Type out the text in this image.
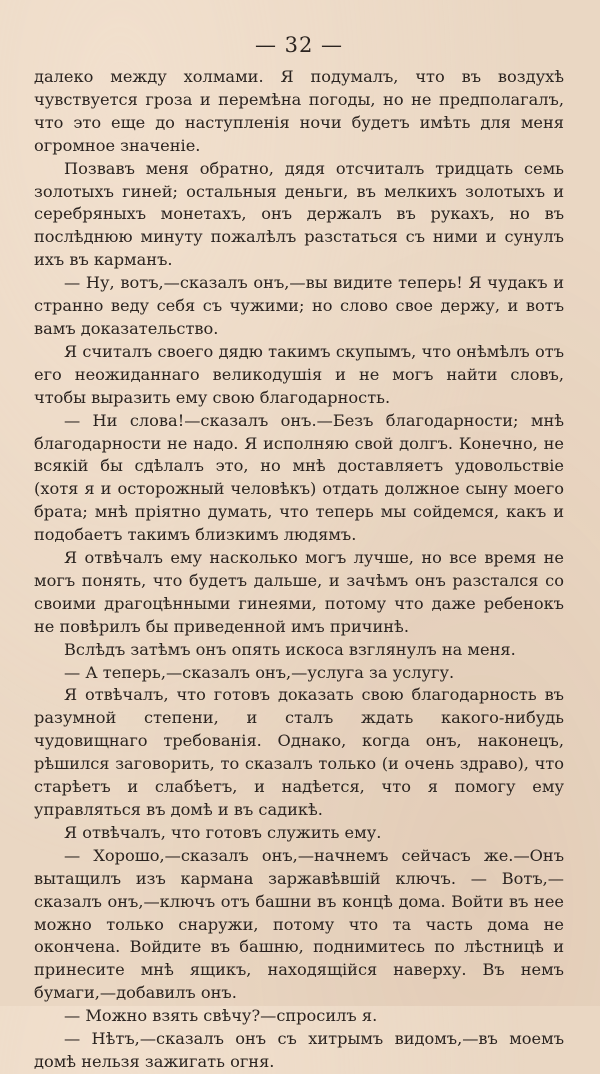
— 32 —

далеко между холмами. Я подумалъ, что въ воздухѣ чувствуется гроза и перемѣна погоды, но не предполагалъ, что это еще до наступленія ночи будетъ имѣть для меня огромное значеніе.

Позвавъ меня обратно, дядя отсчиталъ тридцать семь золотыхъ гиней; остальныя деньги, въ мелкихъ золотыхъ и серебряныхъ монетахъ, онъ держалъ въ рукахъ, но въ послѣднюю минуту пожалѣлъ разстаться съ ними и сунулъ ихъ въ карманъ.

— Ну, вотъ,—сказалъ онъ,—вы видите теперь! Я чудакъ и странно веду себя съ чужими; но слово свое держу, и вотъ вамъ доказательство.

Я считалъ своего дядю такимъ скупымъ, что онѣмѣлъ отъ его неожиданнаго великодушія и не могъ найти словъ, чтобы выразить ему свою благодарность.

— Ни слова!—сказалъ онъ.—Безъ благодарности; мнѣ благодарности не надо. Я исполняю свой долгъ. Конечно, не всякій бы сдѣлалъ это, но мнѣ доставляетъ удовольствіе (хотя я и осторожный человѣкъ) отдать должное сыну моего брата; мнѣ пріятно думать, что теперь мы сойдемся, какъ и подобаетъ такимъ близкимъ людямъ.

Я отвѣчалъ ему насколько могъ лучше, но все время не могъ понять, что будетъ дальше, и зачѣмъ онъ разстался со своими драгоцѣнными гинеями, потому что даже ребенокъ не повѣрилъ бы приведенной имъ причинѣ.

Вслѣдъ затѣмъ онъ опять искоса взглянулъ на меня.

— А теперь,—сказалъ онъ,—услуга за услугу.

Я отвѣчалъ, что готовъ доказать свою благодарность въ разумной степени, и сталъ ждать какого-нибудь чудовищнаго требованія. Однако, когда онъ, наконецъ, рѣшился заговорить, то сказалъ только (и очень здраво), что старѣетъ и слабѣетъ, и надѣется, что я помогу ему управляться въ домѣ и въ садикѣ.

Я отвѣчалъ, что готовъ служить ему.

— Хорошо,—сказалъ онъ,—начнемъ сейчасъ же.—Онъ вытащилъ изъ кармана заржавѣвшій ключъ. — Вотъ,—сказалъ онъ,—ключъ отъ башни въ концѣ дома. Войти въ нее можно только снаружи, потому что та часть дома не окончена. Войдите въ башню, поднимитесь по лѣстницѣ и принесите мнѣ ящикъ, находящійся наверху. Въ немъ бумаги,—добавилъ онъ.

— Можно взять свѣчу?—спросилъ я.

— Нѣтъ,—сказалъ онъ съ хитрымъ видомъ,—въ моемъ домѣ нельзя зажигать огня.
